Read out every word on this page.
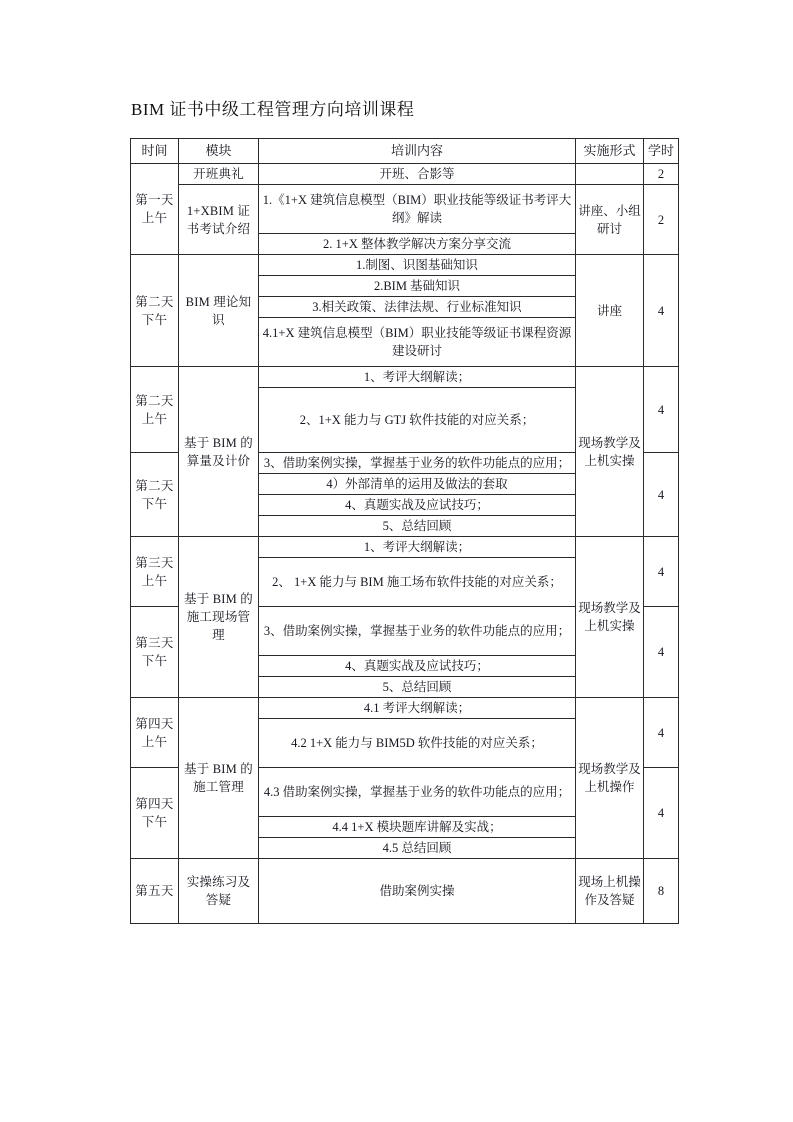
BIM 证书中级工程管理方向培训课程
时间	模块	培训内容	实施形式	学时
第一天上午	开班典礼	开班、合影等		2
	1+XBIM 证书考试介绍	1.《1+X 建筑信息模型（BIM）职业技能等级证书考评大纲》解读	讲座、小组研讨	2
		2. 1+X 整体教学解决方案分享交流		
第二天下午	BIM 理论知识	1.制图、识图基础知识	讲座	4
		2.BIM 基础知识		
		3.相关政策、法律法规、行业标准知识		
		4.1+X 建筑信息模型（BIM）职业技能等级证书课程资源建设研讨		
第二天上午	基于 BIM 的算量及计价	1、考评大纲解读；	现场教学及上机实操	4
		2、1+X 能力与 GTJ 软件技能的对应关系；		
第二天下午		3、借助案例实操，掌握基于业务的软件功能点的应用；		4
		4）外部清单的运用及做法的套取		
		4、真题实战及应试技巧；		
		5、总结回顾		
第三天上午	基于 BIM 的施工现场管理	1、考评大纲解读；	现场教学及上机实操	4
		2、 1+X 能力与 BIM 施工场布软件技能的对应关系；		
第三天下午		3、借助案例实操，掌握基于业务的软件功能点的应用；		4
		4、真题实战及应试技巧；		
		5、总结回顾		
第四天上午	基于 BIM 的施工管理	4.1 考评大纲解读；	现场教学及上机操作	4
		4.2 1+X 能力与 BIM5D 软件技能的对应关系；		
第四天下午		4.3 借助案例实操，掌握基于业务的软件功能点的应用；		4
		4.4 1+X 模块题库讲解及实战；		
		4.5 总结回顾		
第五天	实操练习及答疑	借助案例实操	现场上机操作及答疑	8
